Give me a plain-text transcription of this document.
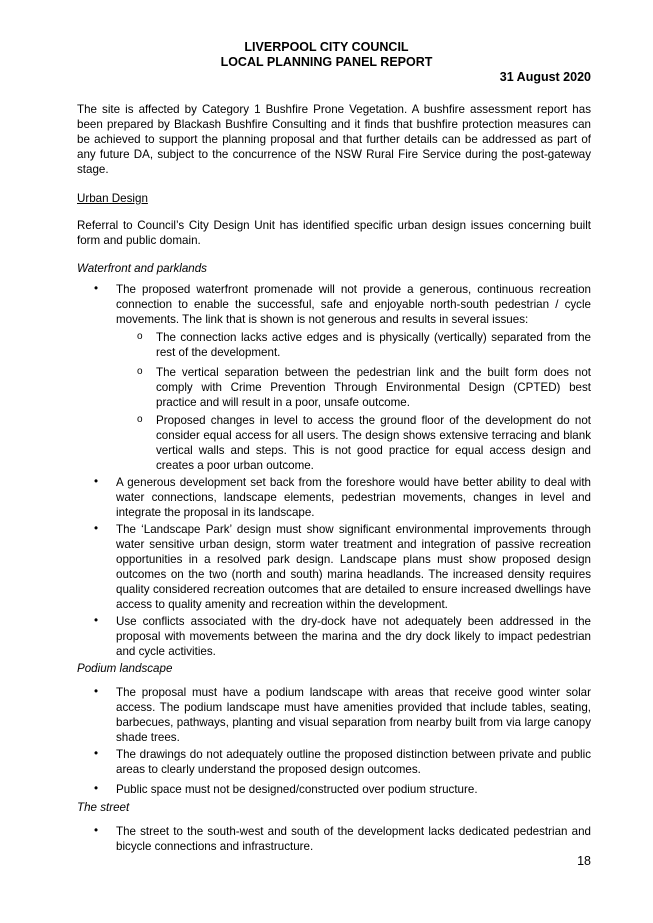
LIVERPOOL CITY COUNCIL
LOCAL PLANNING PANEL REPORT
31 August 2020
The site is affected by Category 1 Bushfire Prone Vegetation. A bushfire assessment report has been prepared by Blackash Bushfire Consulting and it finds that bushfire protection measures can be achieved to support the planning proposal and that further details can be addressed as part of any future DA, subject to the concurrence of the NSW Rural Fire Service during the post-gateway stage.
Urban Design
Referral to Council’s City Design Unit has identified specific urban design issues concerning built form and public domain.
Waterfront and parklands
• The proposed waterfront promenade will not provide a generous, continuous recreation connection to enable the successful, safe and enjoyable north-south pedestrian / cycle movements. The link that is shown is not generous and results in several issues:
o The connection lacks active edges and is physically (vertically) separated from the rest of the development.
o The vertical separation between the pedestrian link and the built form does not comply with Crime Prevention Through Environmental Design (CPTED) best practice and will result in a poor, unsafe outcome.
o Proposed changes in level to access the ground floor of the development do not consider equal access for all users. The design shows extensive terracing and blank vertical walls and steps. This is not good practice for equal access design and creates a poor urban outcome.
• A generous development set back from the foreshore would have better ability to deal with water connections, landscape elements, pedestrian movements, changes in level and integrate the proposal in its landscape.
• The ‘Landscape Park’ design must show significant environmental improvements through water sensitive urban design, storm water treatment and integration of passive recreation opportunities in a resolved park design. Landscape plans must show proposed design outcomes on the two (north and south) marina headlands. The increased density requires quality considered recreation outcomes that are detailed to ensure increased dwellings have access to quality amenity and recreation within the development.
• Use conflicts associated with the dry-dock have not adequately been addressed in the proposal with movements between the marina and the dry dock likely to impact pedestrian and cycle activities.
Podium landscape
• The proposal must have a podium landscape with areas that receive good winter solar access. The podium landscape must have amenities provided that include tables, seating, barbecues, pathways, planting and visual separation from nearby built from via large canopy shade trees.
• The drawings do not adequately outline the proposed distinction between private and public areas to clearly understand the proposed design outcomes.
• Public space must not be designed/constructed over podium structure.
The street
• The street to the south-west and south of the development lacks dedicated pedestrian and bicycle connections and infrastructure.
18
